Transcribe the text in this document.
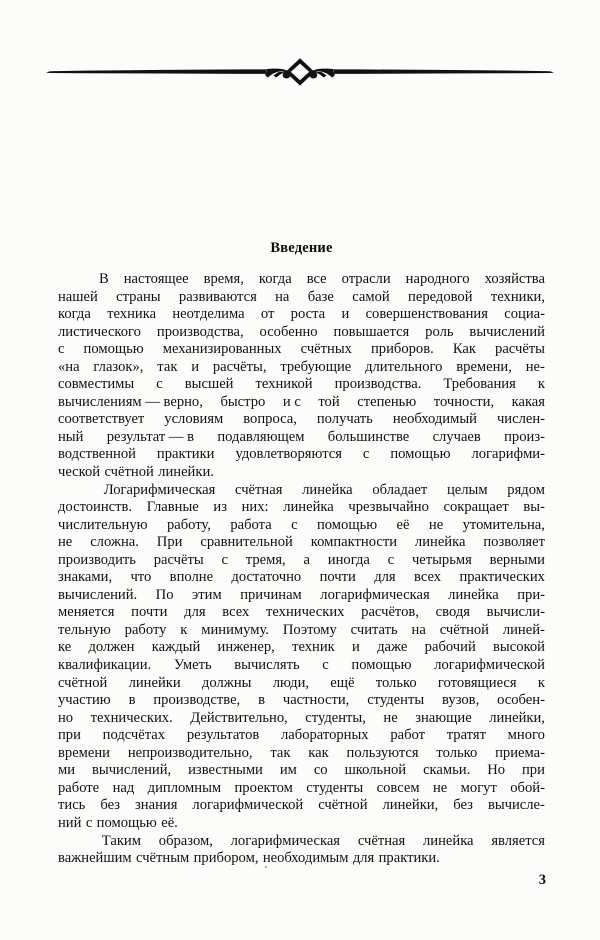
Введение

В настоящее время, когда все отрасли народного хозяйства
нашей страны развиваются на базе самой передовой техники,
когда техника неотделима от роста и совершенствования социа-
листического производства, особенно повышается роль вычислений
с помощью механизированных счётных приборов. Как расчёты
«на глазок», так и расчёты, требующие длительного времени, не-
совместимы с высшей техникой производства. Требования к
вычислениям — верно, быстро и с той степенью точности, какая
соответствует условиям вопроса, получать необходимый числен-
ный результат — в подавляющем большинстве случаев произ-
водственной практики удовлетворяются с помощью логарифми-
ческой счётной линейки.

Логарифмическая счётная линейка обладает целым рядом
достоинств. Главные из них: линейка чрезвычайно сокращает вы-
числительную работу, работа с помощью её не утомительна,
не сложна. При сравнительной компактности линейка позволяет
производить расчёты с тремя, а иногда с четырьмя верными
знаками, что вполне достаточно почти для всех практических
вычислений. По этим причинам логарифмическая линейка при-
меняется почти для всех технических расчётов, сводя вычисли-
тельную работу к минимуму. Поэтому считать на счётной линей-
ке должен каждый инженер, техник и даже рабочий высокой
квалификации. Уметь вычислять с помощью логарифмической
счётной линейки должны люди, ещё только готовящиеся к
участию в производстве, в частности, студенты вузов, особен-
но технических. Действительно, студенты, не знающие линейки,
при подсчётах результатов лабораторных работ тратят много
времени непроизводительно, так как пользуются только приема-
ми вычислений, известными им со школьной скамьи. Но при
работе над дипломным проектом студенты совсем не могут обой-
тись без знания логарифмической счётной линейки, без вычисле-
ний с помощью её.

Таким образом, логарифмическая счётная линейка является
важнейшим счётным прибором, необходимым для практики.

3
